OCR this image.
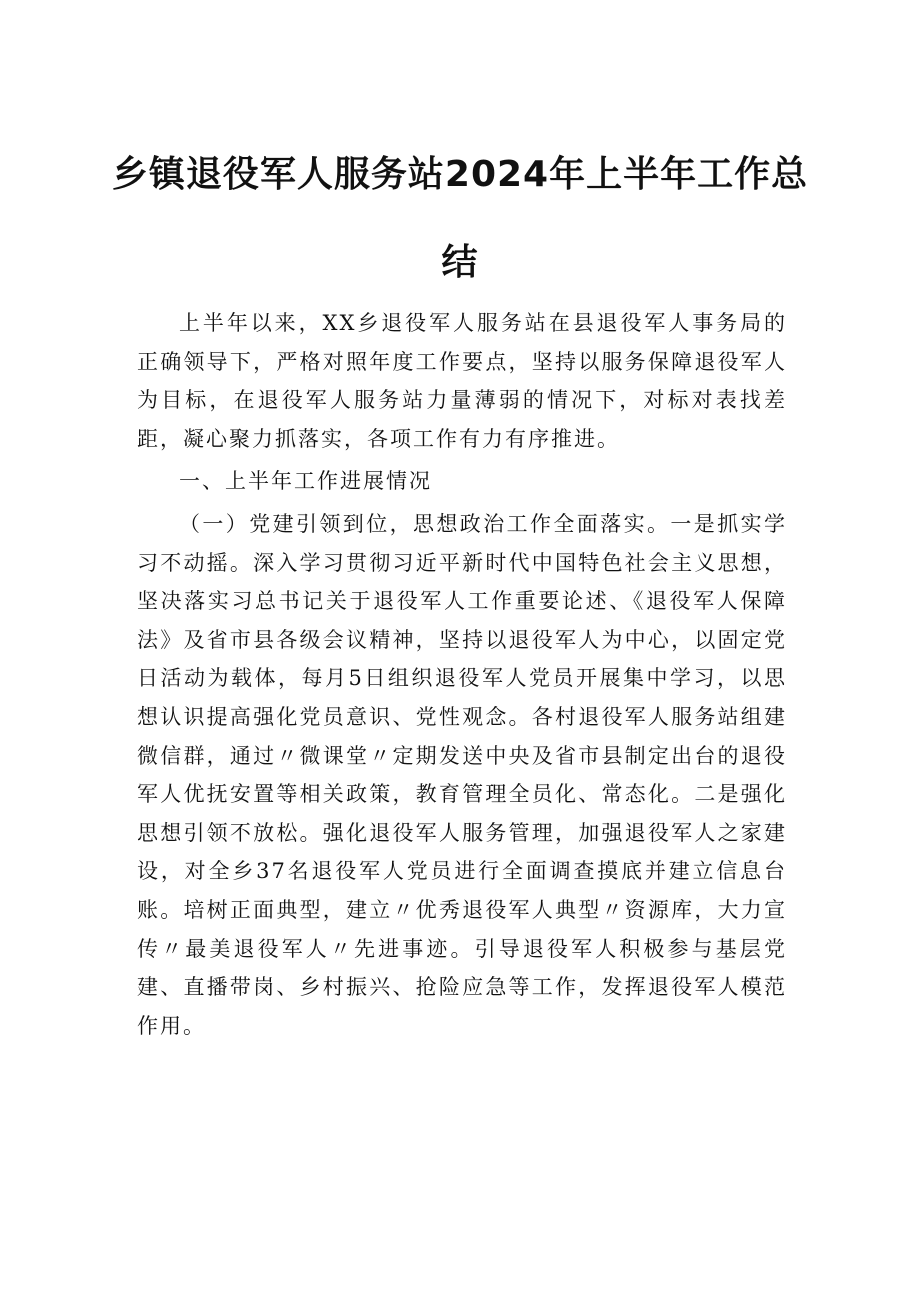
乡镇退役军人服务站2024年上半年工作总
结

上半年以来，XX乡退役军人服务站在县退役军人事务局的正确领导下，严格对照年度工作要点，坚持以服务保障退役军人为目标，在退役军人服务站力量薄弱的情况下，对标对表找差距，凝心聚力抓落实，各项工作有力有序推进。

一、上半年工作进展情况

（一）党建引领到位，思想政治工作全面落实。一是抓实学习不动摇。深入学习贯彻习近平新时代中国特色社会主义思想，坚决落实习总书记关于退役军人工作重要论述、《退役军人保障法》及省市县各级会议精神，坚持以退役军人为中心，以固定党日活动为载体，每月5日组织退役军人党员开展集中学习，以思想认识提高强化党员意识、党性观念。各村退役军人服务站组建微信群，通过〃微课堂〃定期发送中央及省市县制定出台的退役军人优抚安置等相关政策，教育管理全员化、常态化。二是强化思想引领不放松。强化退役军人服务管理，加强退役军人之家建设，对全乡37名退役军人党员进行全面调查摸底并建立信息台账。培树正面典型，建立〃优秀退役军人典型〃资源库，大力宣传〃最美退役军人〃先进事迹。引导退役军人积极参与基层党建、直播带岗、乡村振兴、抢险应急等工作，发挥退役军人模范作用。
